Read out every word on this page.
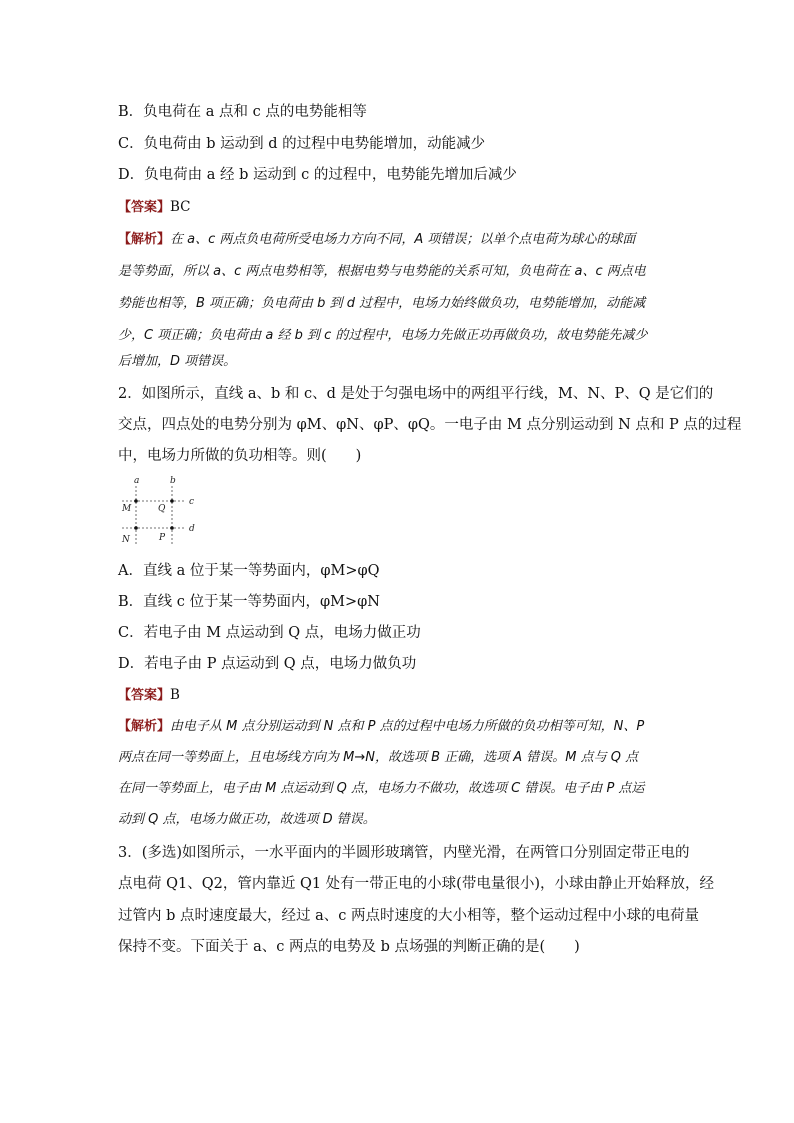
B．负电荷在 a 点和 c 点的电势能相等
C．负电荷由 b 运动到 d 的过程中电势能增加，动能减少
D．负电荷由 a 经 b 运动到 c 的过程中，电势能先增加后减少
【答案】BC
【解析】在 a、c 两点负电荷所受电场力方向不同，A 项错误；以单个点电荷为球心的球面
是等势面，所以 a、c 两点电势相等，根据电势与电势能的关系可知，负电荷在 a、c 两点电
势能也相等，B 项正确；负电荷由 b 到 d 过程中，电场力始终做负功，电势能增加，动能减
少，C 项正确；负电荷由 a 经 b 到 c 的过程中，电场力先做正功再做负功，故电势能先减少
后增加，D 项错误。
2．如图所示，直线 a、b 和 c、d 是处于匀强电场中的两组平行线，M、N、P、Q 是它们的
交点，四点处的电势分别为 φM、φN、φP、φQ。一电子由 M 点分别运动到 N 点和 P 点的过程
中，电场力所做的负功相等。则(　　)
a	b
c
d
M	Q
N	P
A．直线 a 位于某一等势面内，φM>φQ
B．直线 c 位于某一等势面内，φM>φN
C．若电子由 M 点运动到 Q 点，电场力做正功
D．若电子由 P 点运动到 Q 点，电场力做负功
【答案】B
【解析】由电子从 M 点分别运动到 N 点和 P 点的过程中电场力所做的负功相等可知，N、P
两点在同一等势面上，且电场线方向为 M→N，故选项 B 正确，选项 A 错误。M 点与 Q 点
在同一等势面上，电子由 M 点运动到 Q 点，电场力不做功，故选项 C 错误。电子由 P 点运
动到 Q 点，电场力做正功，故选项 D 错误。
3．(多选)如图所示，一水平面内的半圆形玻璃管，内壁光滑，在两管口分别固定带正电的
点电荷 Q1、Q2，管内靠近 Q1 处有一带正电的小球(带电量很小)，小球由静止开始释放，经
过管内 b 点时速度最大，经过 a、c 两点时速度的大小相等，整个运动过程中小球的电荷量
保持不变。下面关于 a、c 两点的电势及 b 点场强的判断正确的是(　　)
